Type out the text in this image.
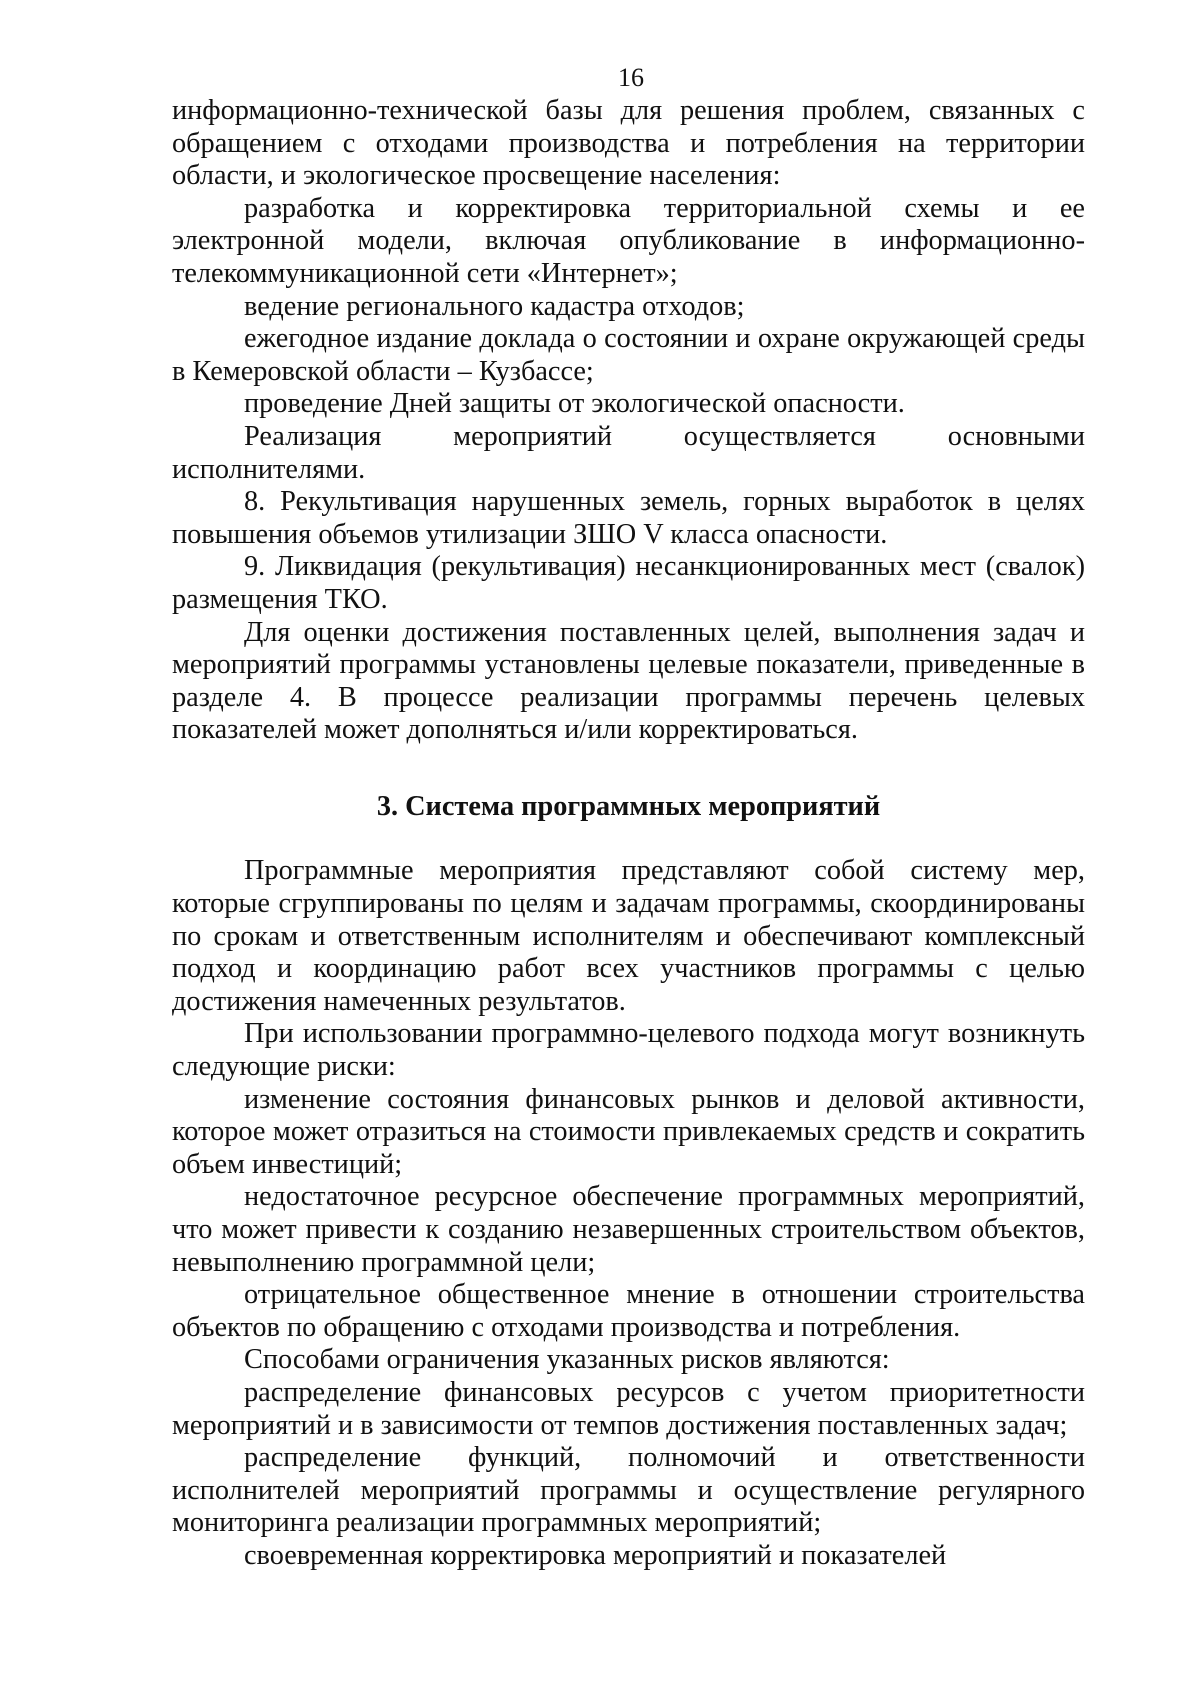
16

информационно-технической базы для решения проблем, связанных с обращением с отходами производства и потребления на территории области, и экологическое просвещение населения:

разработка и корректировка территориальной схемы и ее электронной модели, включая опубликование в информационно-телекоммуникационной сети «Интернет»;

ведение регионального кадастра отходов;

ежегодное издание доклада о состоянии и охране окружающей среды в Кемеровской области – Кузбассе;

проведение Дней защиты от экологической опасности.

Реализация мероприятий осуществляется основными исполнителями.

8. Рекультивация нарушенных земель, горных выработок в целях повышения объемов утилизации ЗШО V класса опасности.

9. Ликвидация (рекультивация) несанкционированных мест (свалок) размещения ТКО.

Для оценки достижения поставленных целей, выполнения задач и мероприятий программы установлены целевые показатели, приведенные в разделе 4. В процессе реализации программы перечень целевых показателей может дополняться и/или корректироваться.

3. Система программных мероприятий

Программные мероприятия представляют собой систему мер, которые сгруппированы по целям и задачам программы, скоординированы по срокам и ответственным исполнителям и обеспечивают комплексный подход и координацию работ всех участников программы с целью достижения намеченных результатов.

При использовании программно-целевого подхода могут возникнуть следующие риски:

изменение состояния финансовых рынков и деловой активности, которое может отразиться на стоимости привлекаемых средств и сократить объем инвестиций;

недостаточное ресурсное обеспечение программных мероприятий, что может привести к созданию незавершенных строительством объектов, невыполнению программной цели;

отрицательное общественное мнение в отношении строительства объектов по обращению с отходами производства и потребления.

Способами ограничения указанных рисков являются:

распределение финансовых ресурсов с учетом приоритетности мероприятий и в зависимости от темпов достижения поставленных задач;

распределение функций, полномочий и ответственности исполнителей мероприятий программы и осуществление регулярного мониторинга реализации программных мероприятий;

своевременная корректировка мероприятий и показателей
